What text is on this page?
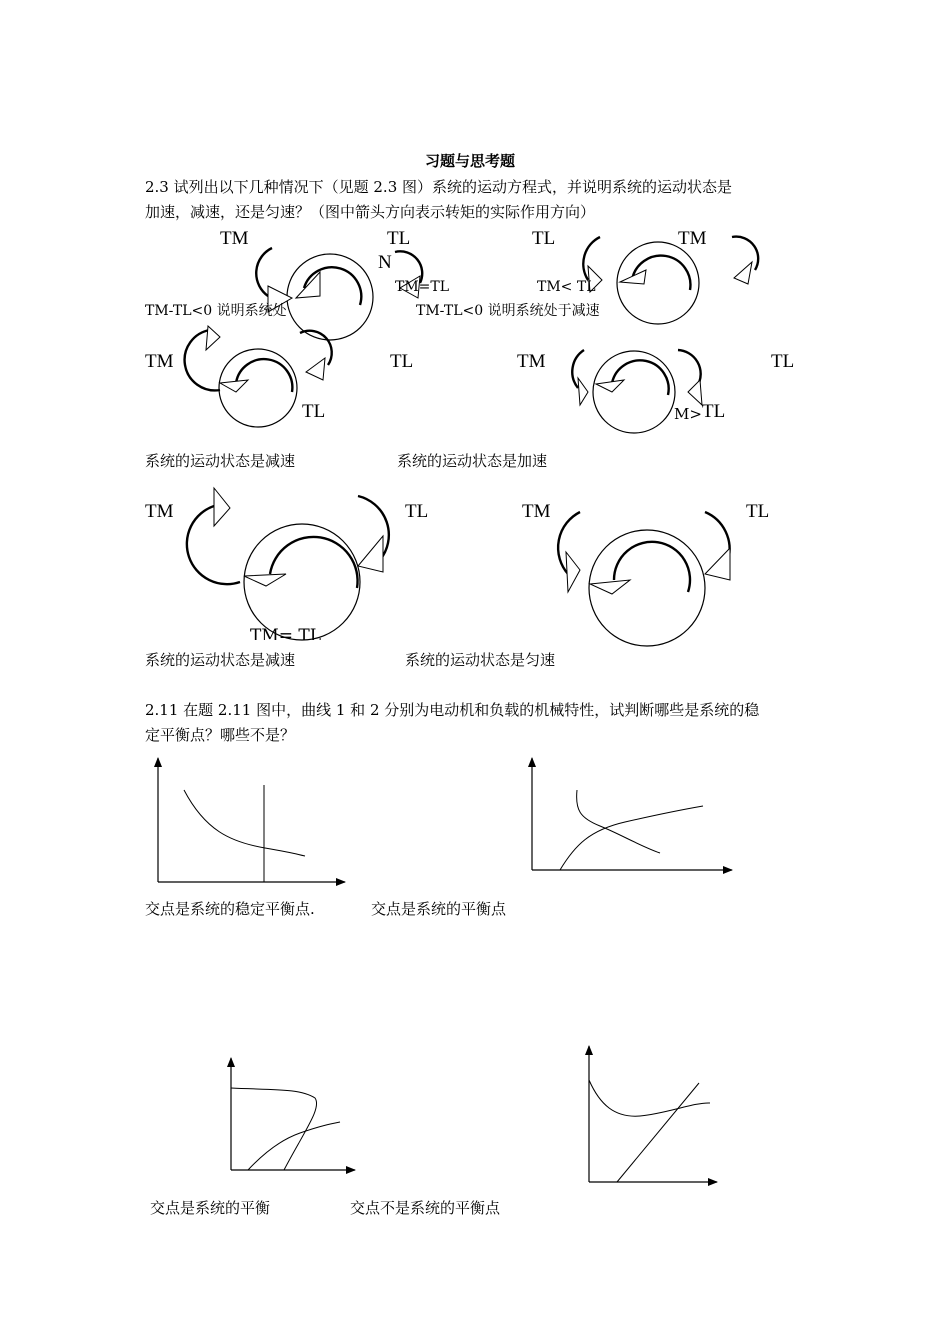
习题与思考题
2.3 试列出以下几种情况下（见题 2.3 图）系统的运动方程式，并说明系统的运动状态是
加速，减速，还是匀速？（图中箭头方向表示转矩的实际作用方向）
TM	TL
N
TM=TL
TM-TL<0 说明系统处
TL	TM
TM< TL
TM-TL<0 说明系统处于减速
TM	TL
TL
系统的运动状态是减速
TM	TL
M> TL
系统的运动状态是加速
TM	TL
TM= TL
系统的运动状态是减速
TM	TL
系统的运动状态是匀速
2.11 在题 2.11 图中，曲线 1 和 2 分别为电动机和负载的机械特性，试判断哪些是系统的稳
定平衡点？哪些不是？
交点是系统的稳定平衡点.	交点是系统的平衡点
交点是系统的平衡	交点不是系统的平衡点
